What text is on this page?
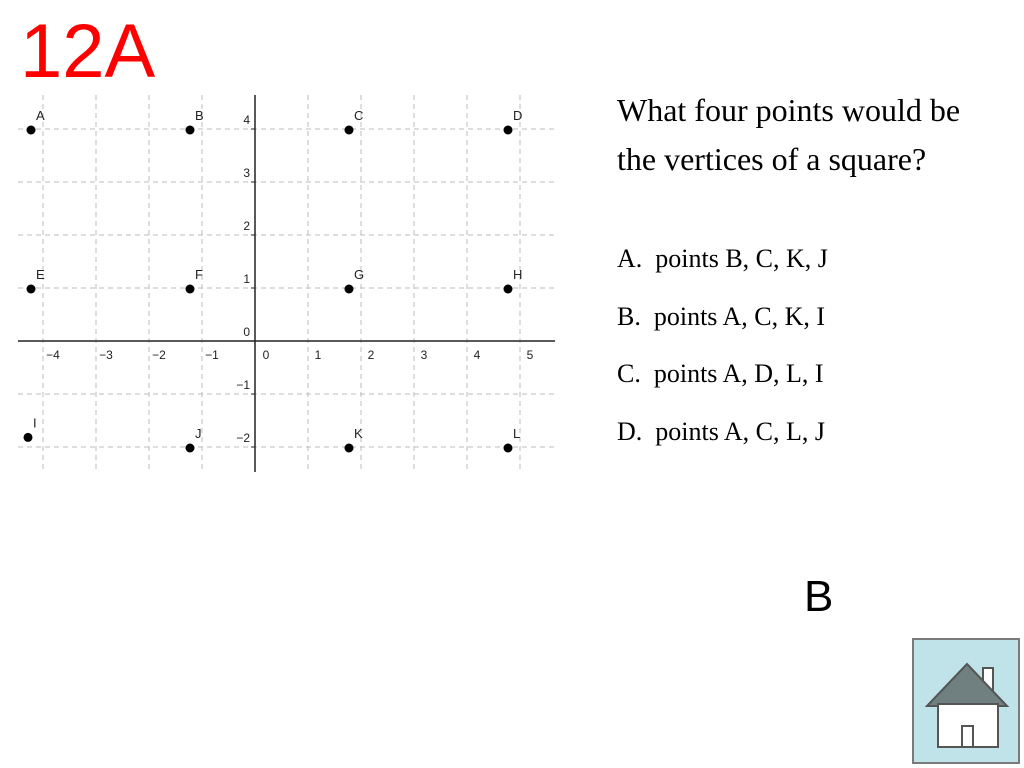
12A
−4	−3	−2	−1	0	1	2	3	4	5
4
3
2
1
0
−1
−2
A	B	C	D
E	F	G	H
I
J	K	L
What four points would be the vertices of a square?
A.  points B, C, K, J
B.  points A, C, K, I
C.  points A, D, L, I
D.  points A, C, L, J
B
